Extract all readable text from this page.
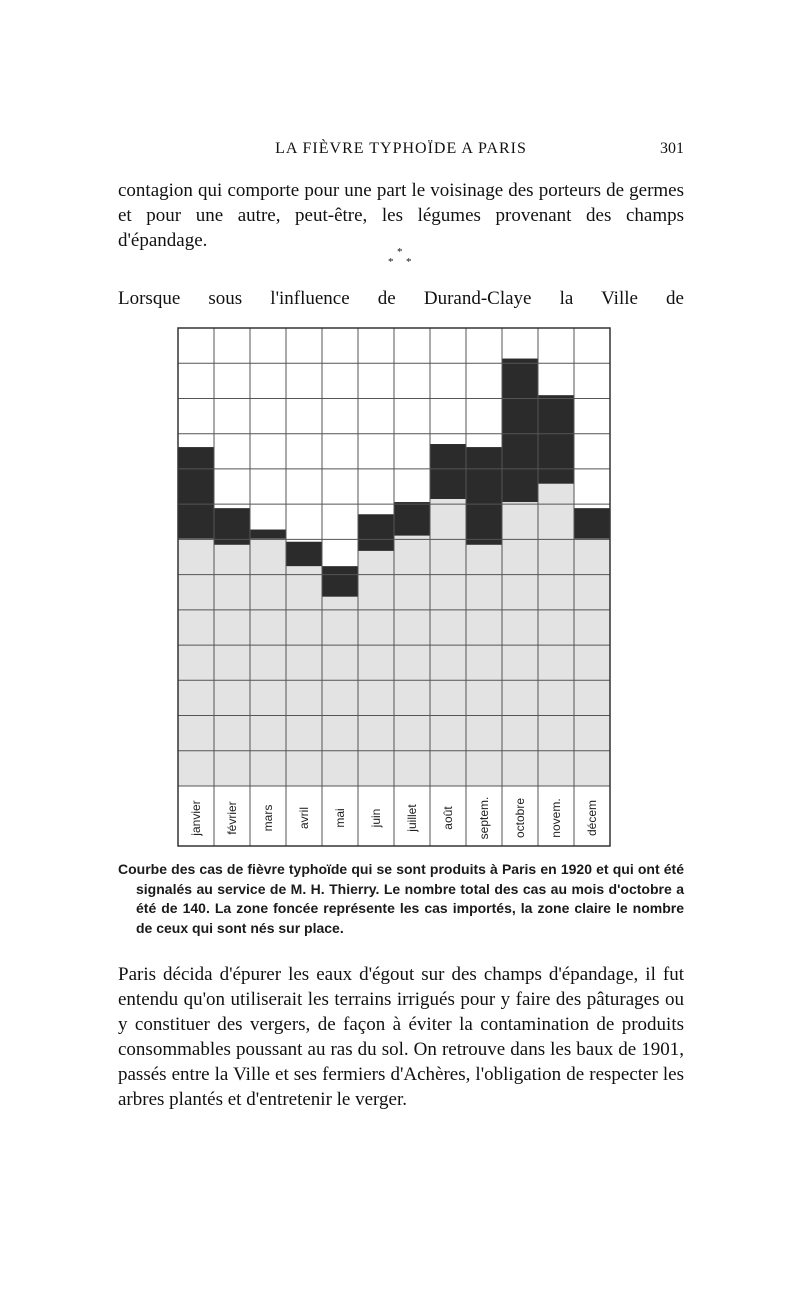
LA FIÈVRE TYPHOÏDE A PARIS	301

contagion qui comporte pour une part le voisinage des porteurs de germes et pour une autre, peut-être, les légumes provenant des champs d'épandage.

*
* *

Lorsque sous l'influence de Durand-Claye la Ville de

janvier février mars avril mai juin juillet août septem. octobre novem. décem
Courbe des cas de fièvre typhoïde qui se sont produits à Paris en 1920 et qui ont été signalés au service de M. H. Thierry. Le nombre total des cas au mois d'octobre a été de 140. La zone foncée représente les cas importés, la zone claire le nombre de ceux qui sont nés sur place.

Paris décida d'épurer les eaux d'égout sur des champs d'épandage, il fut entendu qu'on utiliserait les terrains irrigués pour y faire des pâturages ou y constituer des vergers, de façon à éviter la contamination de produits consommables poussant au ras du sol. On retrouve dans les baux de 1901, passés entre la Ville et ses fermiers d'Achères, l'obligation de respecter les arbres plantés et d'entretenir le verger.
